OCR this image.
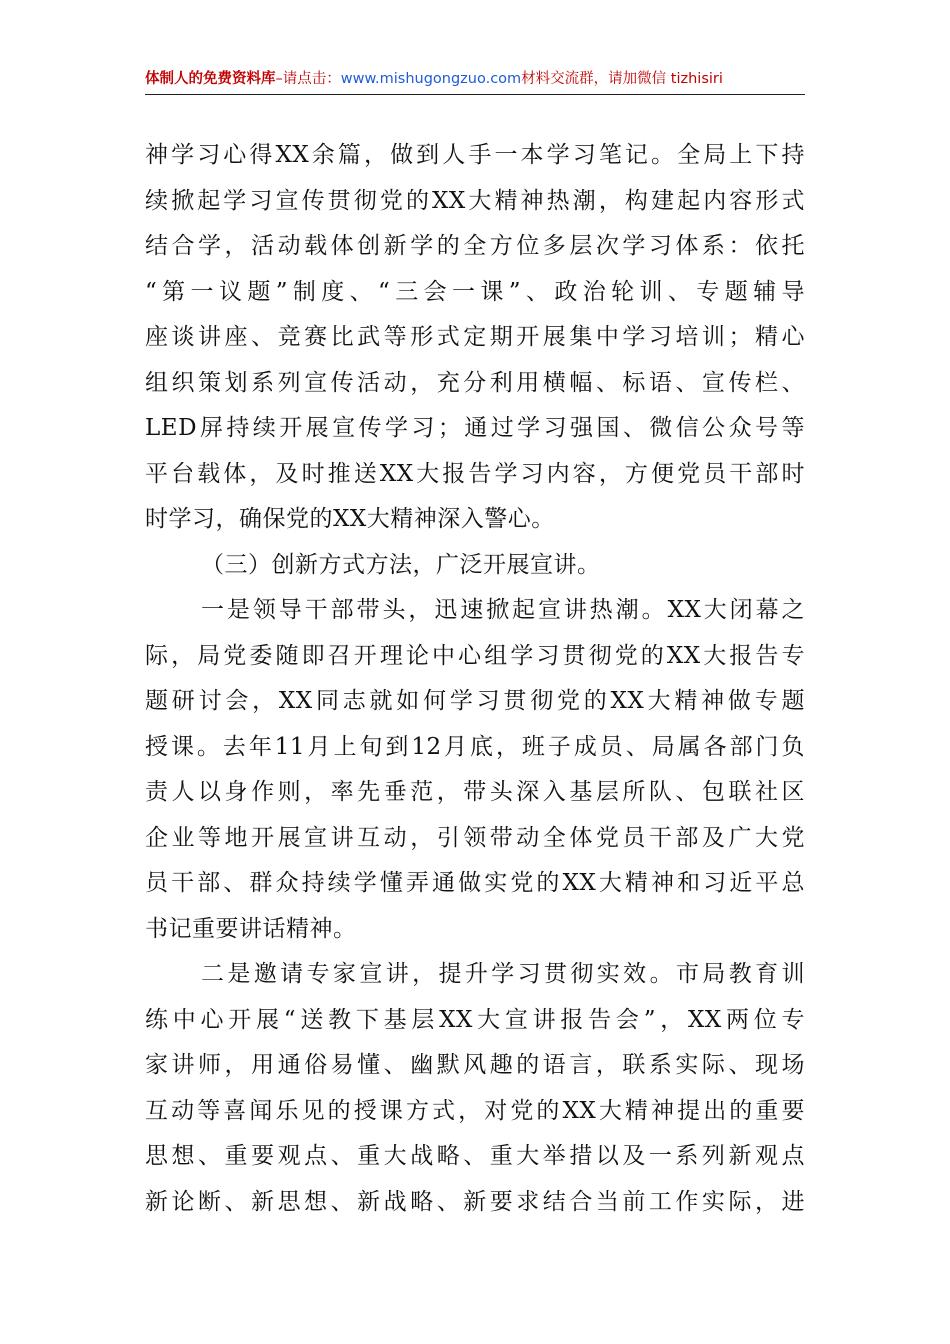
体制人的免费资料库–请点击：www.mishugongzuo.com材料交流群，请加微信 tizhisiri

神学习心得XX余篇，做到人手一本学习笔记。全局上下持
续掀起学习宣传贯彻党的XX大精神热潮，构建起内容形式
结合学，活动载体创新学的全方位多层次学习体系：依托
“第一议题”制度、“三会一课”、政治轮训、专题辅导
座谈讲座、竞赛比武等形式定期开展集中学习培训；精心
组织策划系列宣传活动，充分利用横幅、标语、宣传栏、
LED屏持续开展宣传学习；通过学习强国、微信公众号等
平台载体，及时推送XX大报告学习内容，方便党员干部时
时学习，确保党的XX大精神深入警心。

（三）创新方式方法，广泛开展宣讲。

一是领导干部带头，迅速掀起宣讲热潮。XX大闭幕之
际，局党委随即召开理论中心组学习贯彻党的XX大报告专
题研讨会，XX同志就如何学习贯彻党的XX大精神做专题
授课。去年11月上旬到12月底，班子成员、局属各部门负
责人以身作则，率先垂范，带头深入基层所队、包联社区
企业等地开展宣讲互动，引领带动全体党员干部及广大党
员干部、群众持续学懂弄通做实党的XX大精神和习近平总
书记重要讲话精神。

二是邀请专家宣讲，提升学习贯彻实效。市局教育训
练中心开展“送教下基层XX大宣讲报告会”，XX两位专
家讲师，用通俗易懂、幽默风趣的语言，联系实际、现场
互动等喜闻乐见的授课方式，对党的XX大精神提出的重要
思想、重要观点、重大战略、重大举措以及一系列新观点
新论断、新思想、新战略、新要求结合当前工作实际，进
